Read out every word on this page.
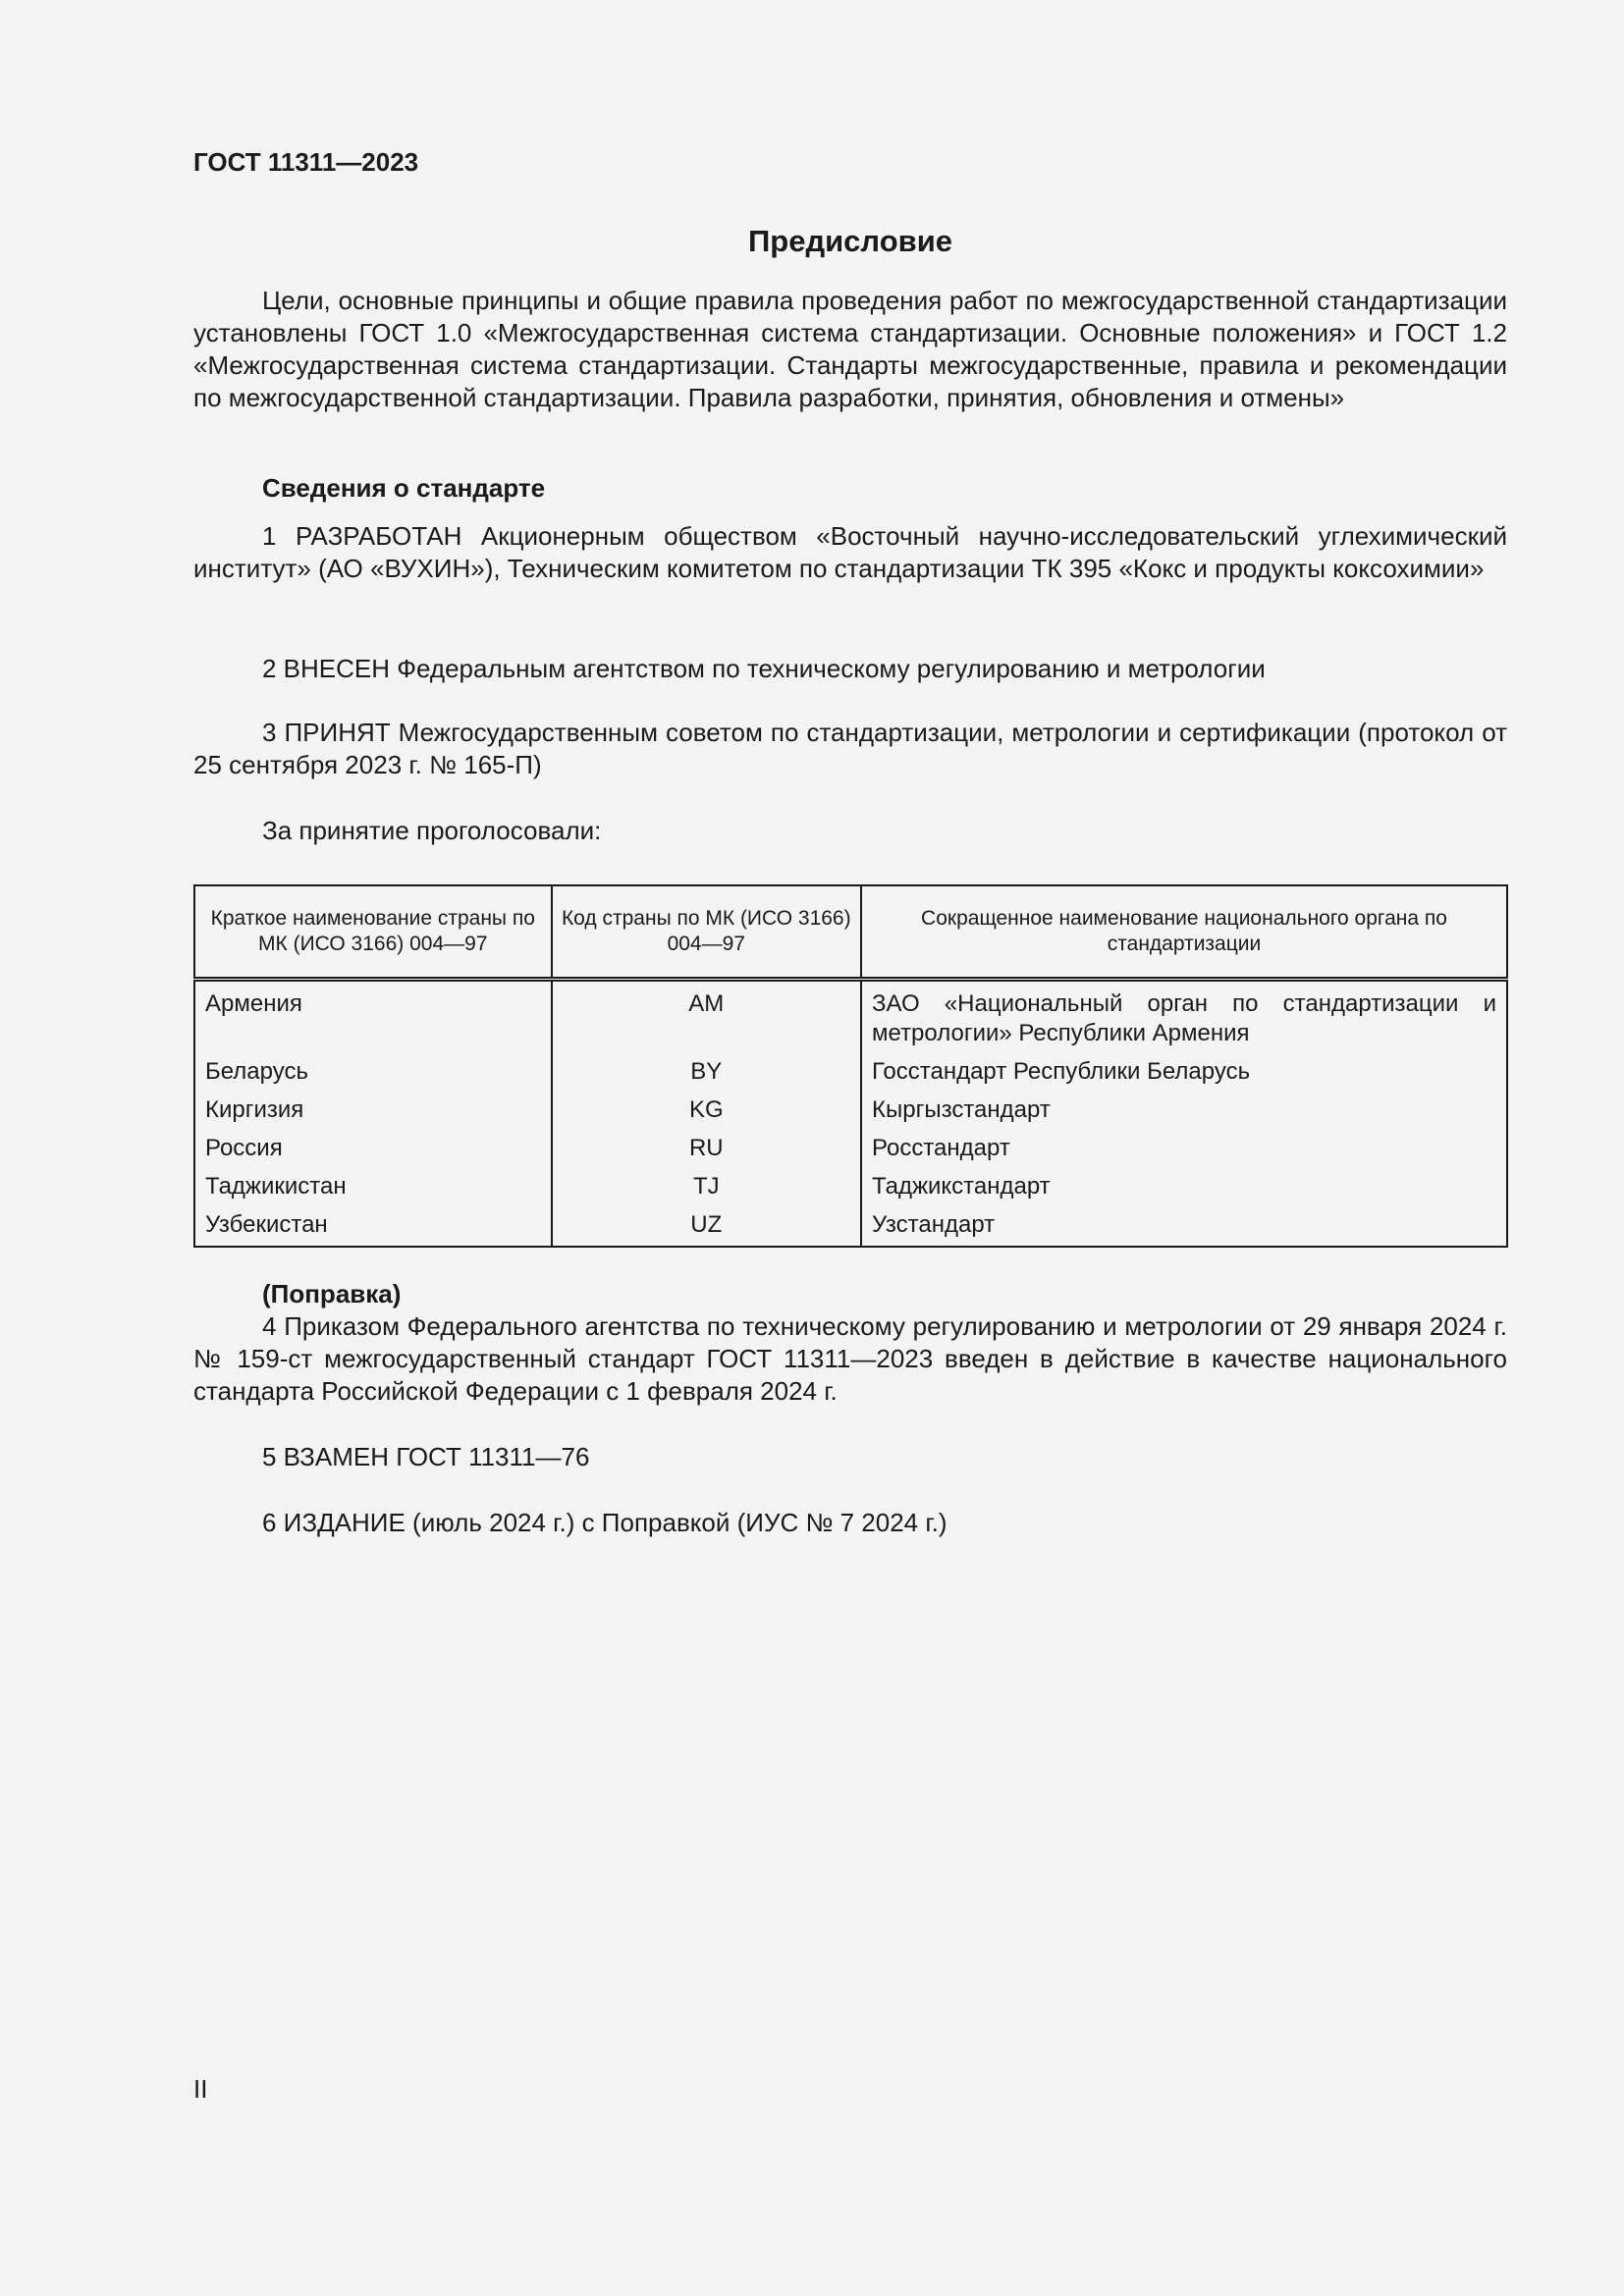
ГОСТ 11311—2023
Предисловие

Цели, основные принципы и общие правила проведения работ по межгосударственной стандартизации установлены ГОСТ 1.0 «Межгосударственная система стандартизации. Основные положения» и ГОСТ 1.2 «Межгосударственная система стандартизации. Стандарты межгосударственные, правила и рекомендации по межгосударственной стандартизации. Правила разработки, принятия, обновления и отмены»

Сведения о стандарте

1 РАЗРАБОТАН Акционерным обществом «Восточный научно-исследовательский углехимический институт» (АО «ВУХИН»), Техническим комитетом по стандартизации ТК 395 «Кокс и продукты коксохимии»

2 ВНЕСЕН Федеральным агентством по техническому регулированию и метрологии

3 ПРИНЯТ Межгосударственным советом по стандартизации, метрологии и сертификации (протокол от 25 сентября 2023 г. № 165-П)

За принятие проголосовали:
Краткое наименование страны по МК (ИСО 3166) 004—97	Код страны по МК (ИСО 3166) 004—97	Сокращенное наименование национального органа по стандартизации
Армения	AM	ЗАО «Национальный орган по стандартизации и метрологии» Республики Армения
Беларусь	BY	Госстандарт Республики Беларусь
Киргизия	KG	Кыргызстандарт
Россия	RU	Росстандарт
Таджикистан	TJ	Таджикстандарт
Узбекистан	UZ	Узстандарт
(Поправка)

4 Приказом Федерального агентства по техническому регулированию и метрологии от 29 января 2024 г. № 159-ст межгосударственный стандарт ГОСТ 11311—2023 введен в действие в качестве национального стандарта Российской Федерации с 1 февраля 2024 г.

5 ВЗАМЕН ГОСТ 11311—76

6 ИЗДАНИЕ (июль 2024 г.) с Поправкой (ИУС № 7 2024 г.)

II
